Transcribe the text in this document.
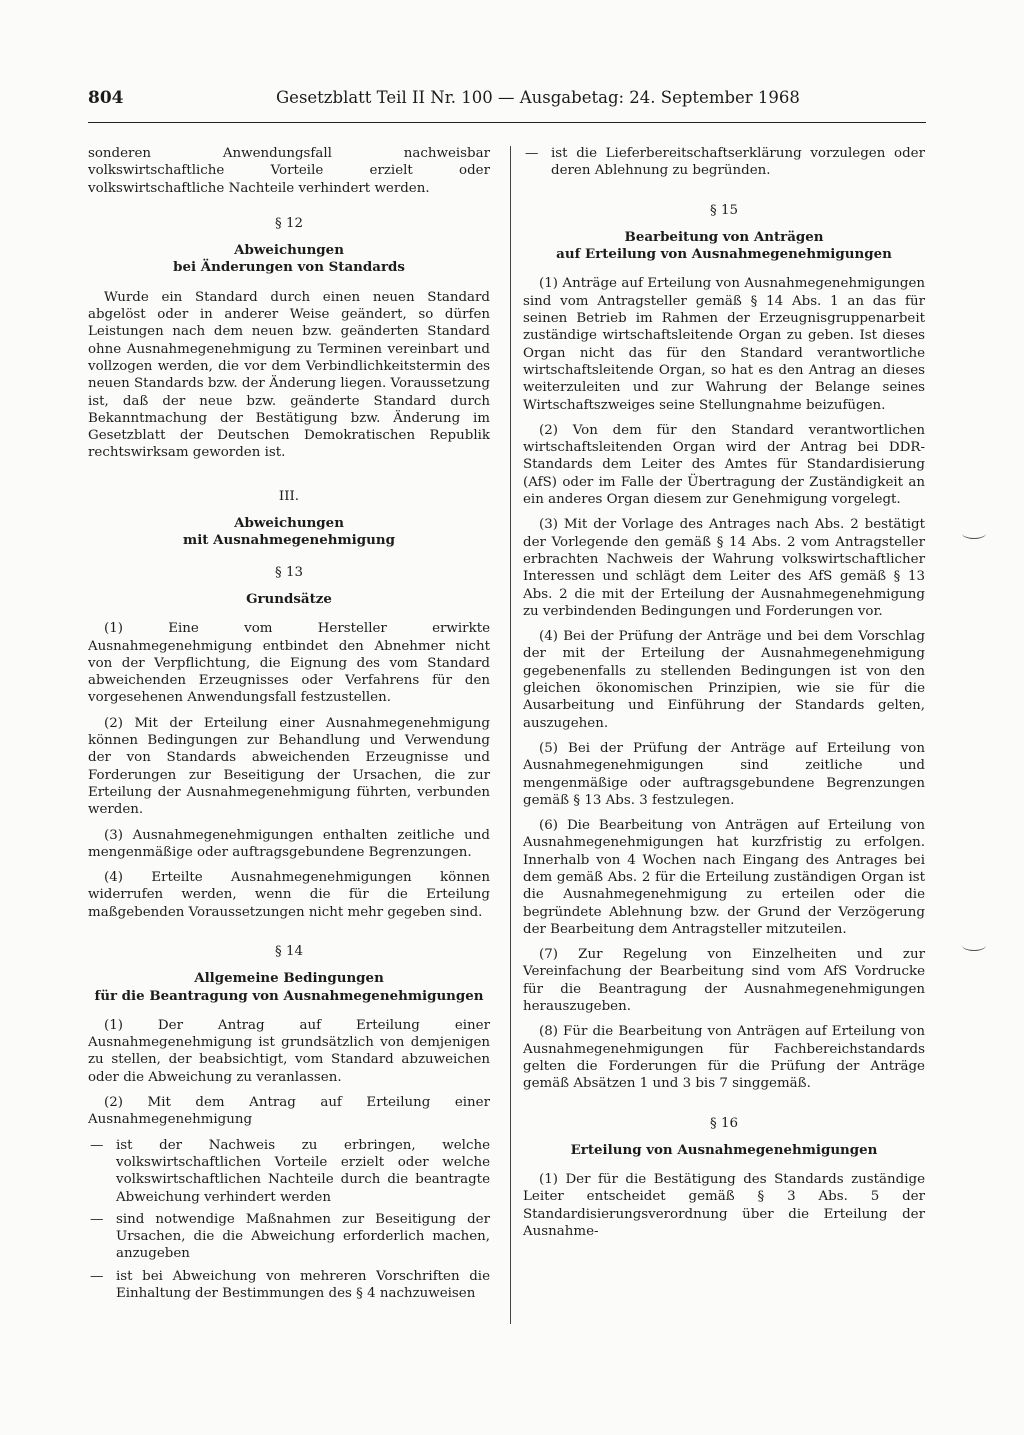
804	Gesetzblatt Teil II Nr. 100 — Ausgabetag: 24. September 1968

sonderen Anwendungsfall nachweisbar volkswirtschaftliche Vorteile erzielt oder volkswirtschaftliche Nachteile verhindert werden.

§ 12
Abweichungen
bei Änderungen von Standards

Wurde ein Standard durch einen neuen Standard abgelöst oder in anderer Weise geändert, so dürfen Leistungen nach dem neuen bzw. geänderten Standard ohne Ausnahmegenehmigung zu Terminen vereinbart und vollzogen werden, die vor dem Verbindlichkeitstermin des neuen Standards bzw. der Änderung liegen. Voraussetzung ist, daß der neue bzw. geänderte Standard durch Bekanntmachung der Bestätigung bzw. Änderung im Gesetzblatt der Deutschen Demokratischen Republik rechtswirksam geworden ist.

III.
Abweichungen
mit Ausnahmegenehmigung
§ 13
Grundsätze

(1) Eine vom Hersteller erwirkte Ausnahmegenehmigung entbindet den Abnehmer nicht von der Verpflichtung, die Eignung des vom Standard abweichenden Erzeugnisses oder Verfahrens für den vorgesehenen Anwendungsfall festzustellen.

(2) Mit der Erteilung einer Ausnahmegenehmigung können Bedingungen zur Behandlung und Verwendung der von Standards abweichenden Erzeugnisse und Forderungen zur Beseitigung der Ursachen, die zur Erteilung der Ausnahmegenehmigung führten, verbunden werden.

(3) Ausnahmegenehmigungen enthalten zeitliche und mengenmäßige oder auftragsgebundene Begrenzungen.

(4) Erteilte Ausnahmegenehmigungen können widerrufen werden, wenn die für die Erteilung maßgebenden Voraussetzungen nicht mehr gegeben sind.

§ 14
Allgemeine Bedingungen
für die Beantragung von Ausnahmegenehmigungen

(1) Der Antrag auf Erteilung einer Ausnahmegenehmigung ist grundsätzlich von demjenigen zu stellen, der beabsichtigt, vom Standard abzuweichen oder die Abweichung zu veranlassen.

(2) Mit dem Antrag auf Erteilung einer Ausnahmegenehmigung

— ist der Nachweis zu erbringen, welche volkswirtschaftlichen Vorteile erzielt oder welche volkswirtschaftlichen Nachteile durch die beantragte Abweichung verhindert werden
— sind notwendige Maßnahmen zur Beseitigung der Ursachen, die die Abweichung erforderlich machen, anzugeben
— ist bei Abweichung von mehreren Vorschriften die Einhaltung der Bestimmungen des § 4 nachzuweisen
— ist die Lieferbereitschaftserklärung vorzulegen oder deren Ablehnung zu begründen.
§ 15
Bearbeitung von Anträgen
auf Erteilung von Ausnahmegenehmigungen

(1) Anträge auf Erteilung von Ausnahmegenehmigungen sind vom Antragsteller gemäß § 14 Abs. 1 an das für seinen Betrieb im Rahmen der Erzeugnisgruppenarbeit zuständige wirtschaftsleitende Organ zu geben. Ist dieses Organ nicht das für den Standard verantwortliche wirtschaftsleitende Organ, so hat es den Antrag an dieses weiterzuleiten und zur Wahrung der Belange seines Wirtschaftszweiges seine Stellungnahme beizufügen.

(2) Von dem für den Standard verantwortlichen wirtschaftsleitenden Organ wird der Antrag bei DDR-Standards dem Leiter des Amtes für Standardisierung (AfS) oder im Falle der Übertragung der Zuständigkeit an ein anderes Organ diesem zur Genehmigung vorgelegt.

(3) Mit der Vorlage des Antrages nach Abs. 2 bestätigt der Vorlegende den gemäß § 14 Abs. 2 vom Antragsteller erbrachten Nachweis der Wahrung volkswirtschaftlicher Interessen und schlägt dem Leiter des AfS gemäß § 13 Abs. 2 die mit der Erteilung der Ausnahmegenehmigung zu verbindenden Bedingungen und Forderungen vor.

(4) Bei der Prüfung der Anträge und bei dem Vorschlag der mit der Erteilung der Ausnahmegenehmigung gegebenenfalls zu stellenden Bedingungen ist von den gleichen ökonomischen Prinzipien, wie sie für die Ausarbeitung und Einführung der Standards gelten, auszugehen.

(5) Bei der Prüfung der Anträge auf Erteilung von Ausnahmegenehmigungen sind zeitliche und mengenmäßige oder auftragsgebundene Begrenzungen gemäß § 13 Abs. 3 festzulegen.

(6) Die Bearbeitung von Anträgen auf Erteilung von Ausnahmegenehmigungen hat kurzfristig zu erfolgen. Innerhalb von 4 Wochen nach Eingang des Antrages bei dem gemäß Abs. 2 für die Erteilung zuständigen Organ ist die Ausnahmegenehmigung zu erteilen oder die begründete Ablehnung bzw. der Grund der Verzögerung der Bearbeitung dem Antragsteller mitzuteilen.

(7) Zur Regelung von Einzelheiten und zur Vereinfachung der Bearbeitung sind vom AfS Vordrucke für die Beantragung der Ausnahmegenehmigungen herauszugeben.

(8) Für die Bearbeitung von Anträgen auf Erteilung von Ausnahmegenehmigungen für Fachbereichstandards gelten die Forderungen für die Prüfung der Anträge gemäß Absätzen 1 und 3 bis 7 singgemäß.

§ 16
Erteilung von Ausnahmegenehmigungen

(1) Der für die Bestätigung des Standards zuständige Leiter entscheidet gemäß § 3 Abs. 5 der Standardisierungsverordnung über die Erteilung der Ausnahme-
